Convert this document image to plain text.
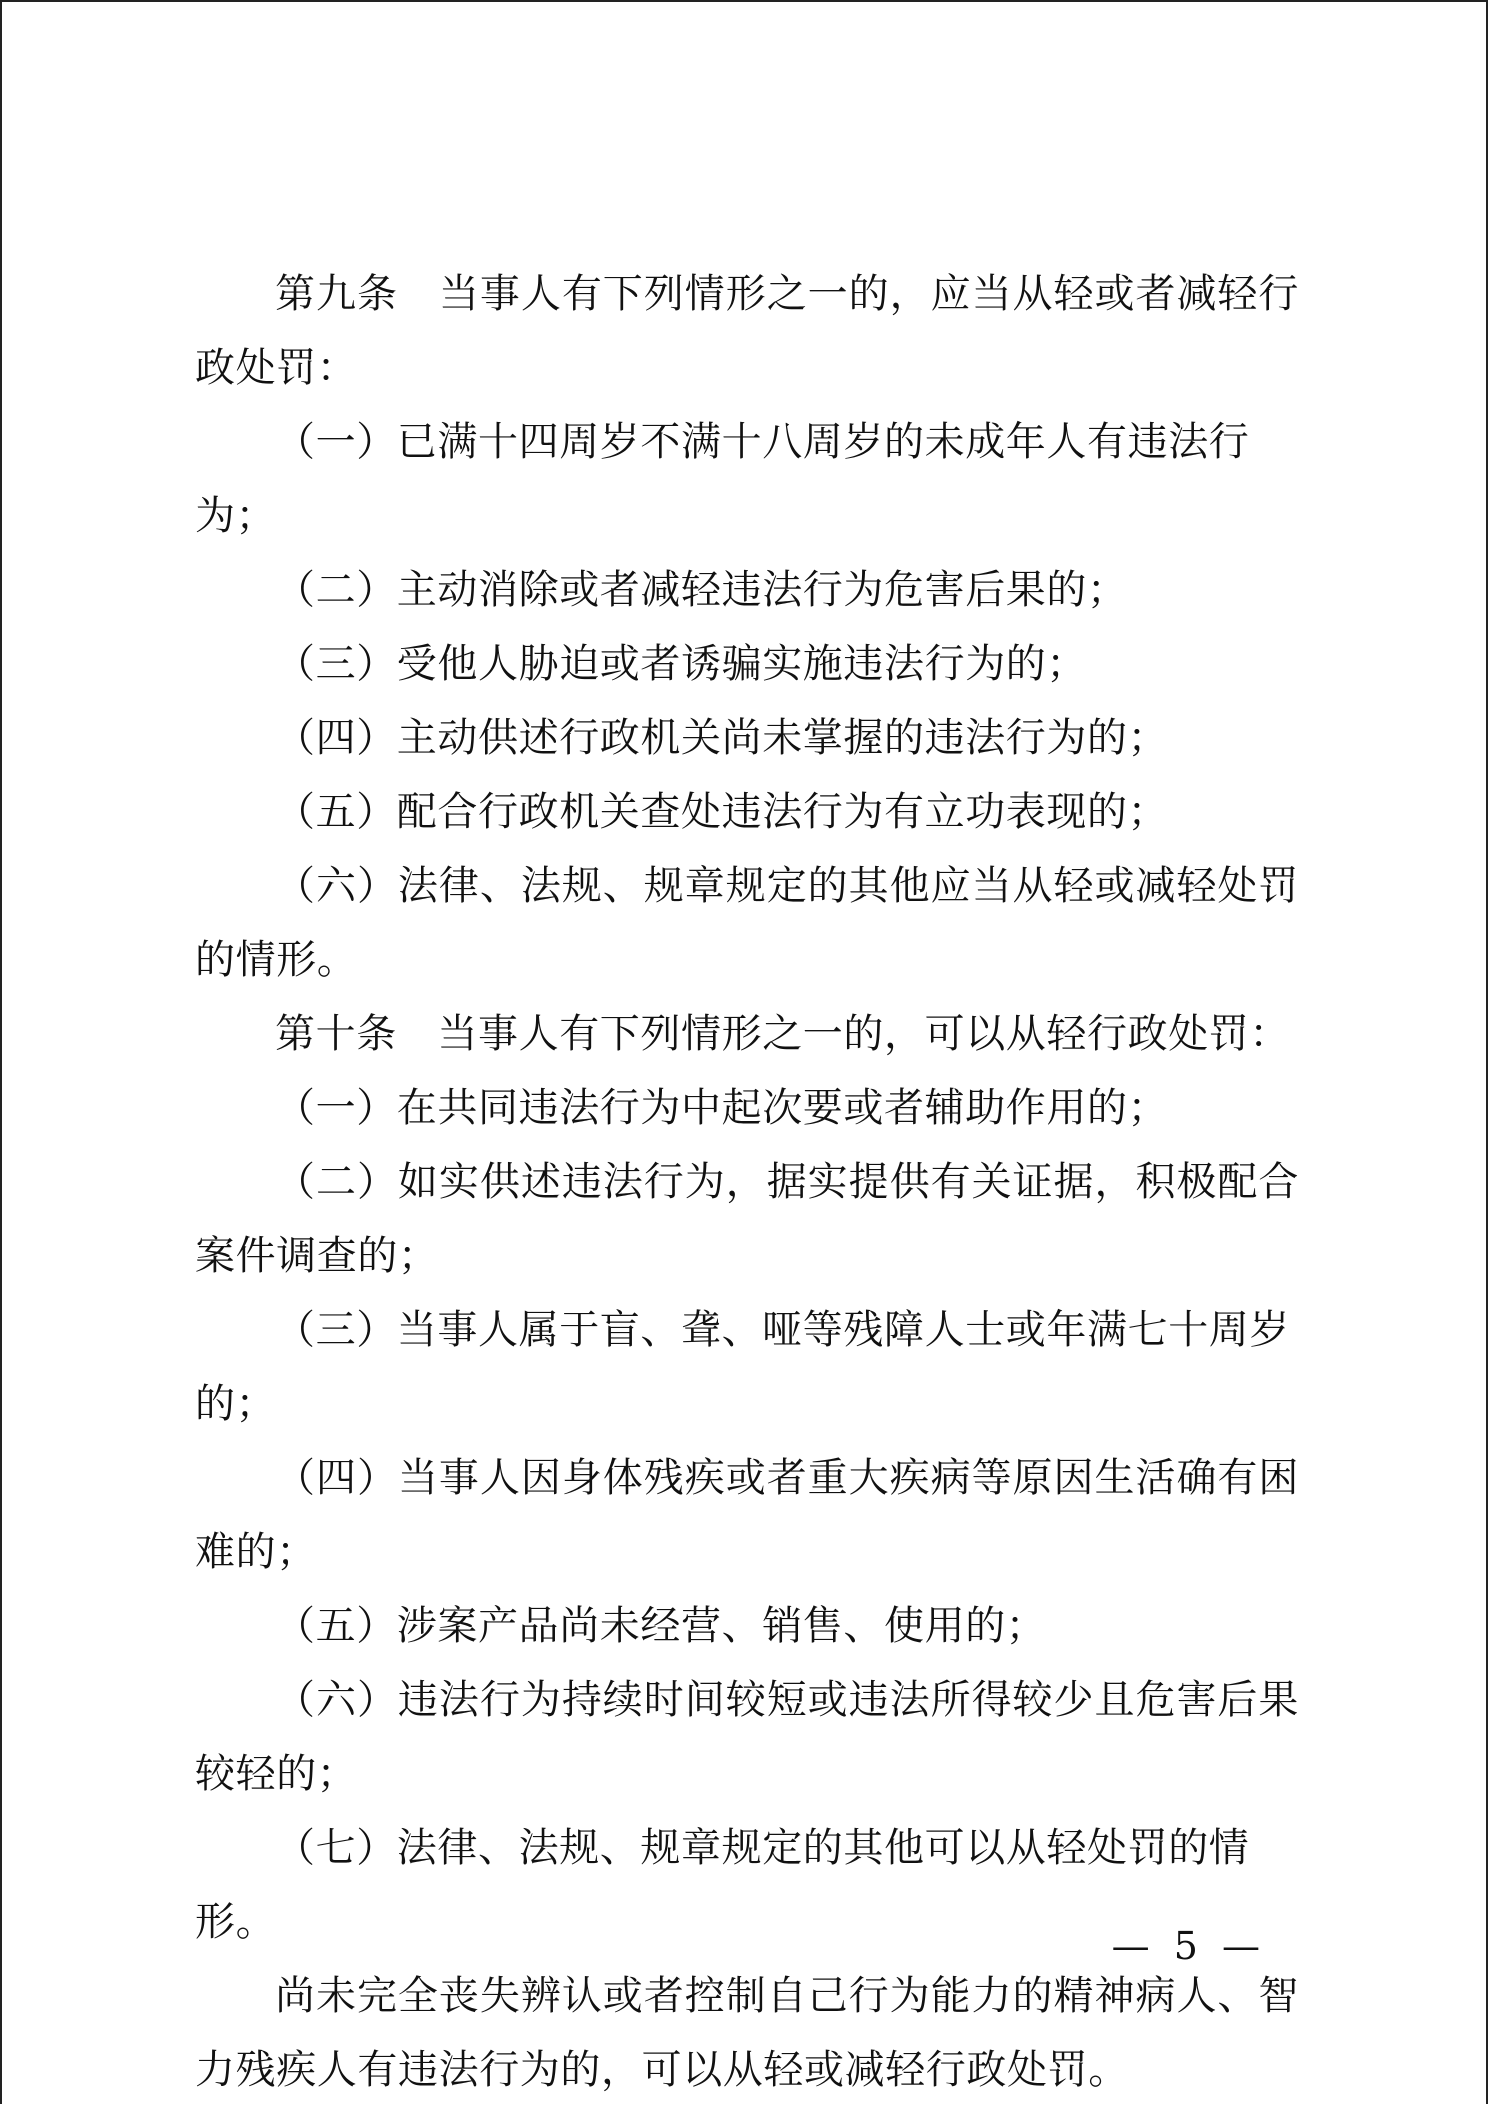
第九条　当事人有下列情形之一的，应当从轻或者减轻行政处罚：

（一）已满十四周岁不满十八周岁的未成年人有违法行为；

（二）主动消除或者减轻违法行为危害后果的；

（三）受他人胁迫或者诱骗实施违法行为的；

（四）主动供述行政机关尚未掌握的违法行为的；

（五）配合行政机关查处违法行为有立功表现的；

（六）法律、法规、规章规定的其他应当从轻或减轻处罚的情形。

第十条　当事人有下列情形之一的，可以从轻行政处罚：

（一）在共同违法行为中起次要或者辅助作用的；

（二）如实供述违法行为，据实提供有关证据，积极配合案件调查的；

（三）当事人属于盲、聋、哑等残障人士或年满七十周岁的；

（四）当事人因身体残疾或者重大疾病等原因生活确有困难的；

（五）涉案产品尚未经营、销售、使用的；

（六）违法行为持续时间较短或违法所得较少且危害后果较轻的；

（七）法律、法规、规章规定的其他可以从轻处罚的情形。

尚未完全丧失辨认或者控制自己行为能力的精神病人、智力残疾人有违法行为的，可以从轻或减轻行政处罚。

— 5 —
